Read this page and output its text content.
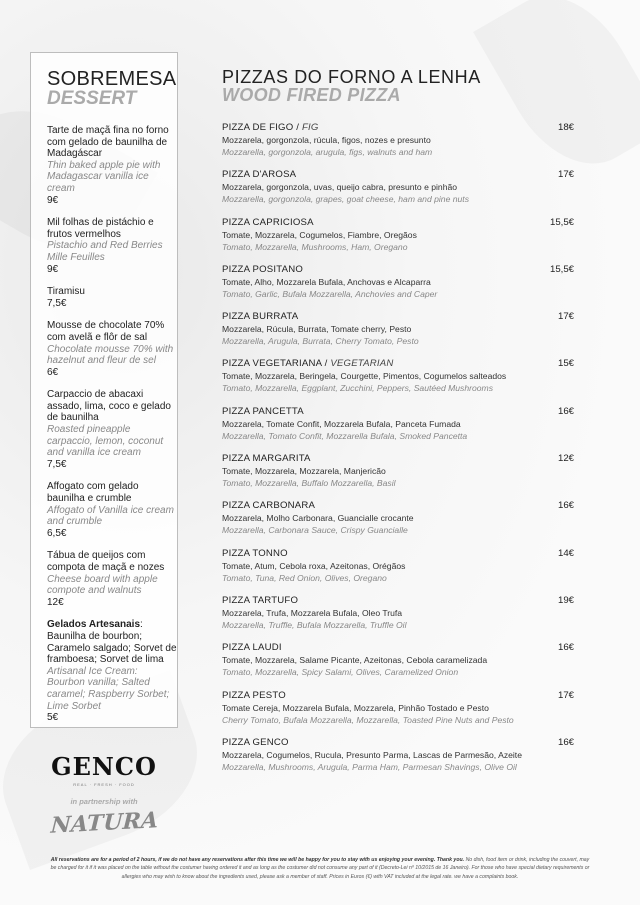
SOBREMESA
DESSERT
Tarte de maçã fina no forno com gelado de baunilha de Madagáscar
Thin baked apple pie with Madagascar vanilla ice cream
9€
Mil folhas de pistáchio e frutos vermelhos
Pistachio and Red Berries Mille Feuilles
9€
Tiramisu
7,5€
Mousse de chocolate 70% com avelã e flôr de sal
Chocolate mousse 70% with hazelnut and fleur de sel
6€
Carpaccio de abacaxi assado, lima, coco e gelado de baunilha
Roasted pineapple carpaccio, lemon, coconut and vanilla ice cream
7,5€
Affogato com gelado baunilha e crumble
Affogato of Vanilla ice cream and crumble
6,5€
Tábua de queijos com compota de maçã e nozes
Cheese board with apple compote and walnuts
12€
Gelados Artesanais:
Baunilha de bourbon; Caramelo salgado; Sorvet de framboesa; Sorvet de lima
Artisanal Ice Cream:
Bourbon vanilla; Salted caramel; Raspberry Sorbet; Lime Sorbet
5€
PIZZAS DO FORNO A LENHA
WOOD FIRED PIZZA
PIZZA DE FIGO / FIG	18€
Mozzarela, gorgonzola, rúcula, figos, nozes e presunto
Mozzarella, gorgonzola, arugula, figs, walnuts and ham
PIZZA D'AROSA	17€
Mozzarela, gorgonzola, uvas, queijo cabra, presunto e pinhão
Mozzarella, gorgonzola, grapes, goat cheese, ham and pine nuts
PIZZA CAPRICIOSA	15,5€
Tomate, Mozzarela, Cogumelos, Fiambre, Oregãos
Tomato, Mozzarella, Mushrooms, Ham, Oregano
PIZZA POSITANO	15,5€
Tomate, Alho, Mozzarela Bufala, Anchovas e Alcaparra
Tomato, Garlic, Bufala Mozzarella, Anchovies and Caper
PIZZA BURRATA	17€
Mozzarela, Rúcula, Burrata, Tomate cherry, Pesto
Mozzarella, Arugula, Burrata, Cherry Tomato, Pesto
PIZZA VEGETARIANA / VEGETARIAN	15€
Tomate, Mozzarela, Beringela, Courgette, Pimentos, Cogumelos salteados
Tomato, Mozzarella, Eggplant, Zucchini, Peppers, Sautéed Mushrooms
PIZZA PANCETTA	16€
Mozzarela, Tomate Confit, Mozzarela Bufala, Panceta Fumada
Mozzarella, Tomato Confit, Mozzarella Bufala, Smoked Pancetta
PIZZA MARGARITA	12€
Tomate, Mozzarela, Mozzarela, Manjericão
Tomato, Mozzarella, Buffalo Mozzarella, Basil
PIZZA CARBONARA	16€
Mozzarela, Molho Carbonara, Guancialle crocante
Mozzarella, Carbonara Sauce, Crispy Guancialle
PIZZA TONNO	14€
Tomate, Atum, Cebola roxa, Azeitonas, Orégãos
Tomato, Tuna, Red Onion, Olives, Oregano
PIZZA TARTUFO	19€
Mozzarela, Trufa, Mozzarela Bufala, Oleo Trufa
Mozzarella, Truffle, Bufala Mozzarella, Truffle Oil
PIZZA LAUDI	16€
Tomate, Mozzarela, Salame Picante, Azeitonas, Cebola caramelizada
Tomato, Mozzarella, Spicy Salami, Olives, Caramelized Onion
PIZZA PESTO	17€
Tomate Cereja, Mozzarela Bufala, Mozzarela, Pinhão Tostado e Pesto
Cherry Tomato, Bufala Mozzarella, Mozzarella, Toasted Pine Nuts and Pesto
PIZZA GENCO	16€
Mozzarela, Cogumelos, Rucula, Presunto Parma, Lascas de Parmesão, Azeite
Mozzarella, Mushrooms, Arugula, Parma Ham, Parmesan Shavings, Olive Oil
GENCO
REAL · FRESH · FOOD
in partnership with
NATURA
All reservations are for a period of 2 hours, if we do not have any reservations after this time we will be happy for you to stay with us enjoying your evening. Thank you. No dish, food item or drink, including the couvert, may be charged for it if it was placed on the table without the costumer having ordered it and as long as the costumer did not consume any part of it (Decreto-Lei nº 10/2015 de 16 Janeiro). For those who have special dietary requirements or allergies who may wish to know about the ingredients used, please ask a member of staff. Prices in Euros (€) with VAT included at the legal rate. we have a complaints book.
